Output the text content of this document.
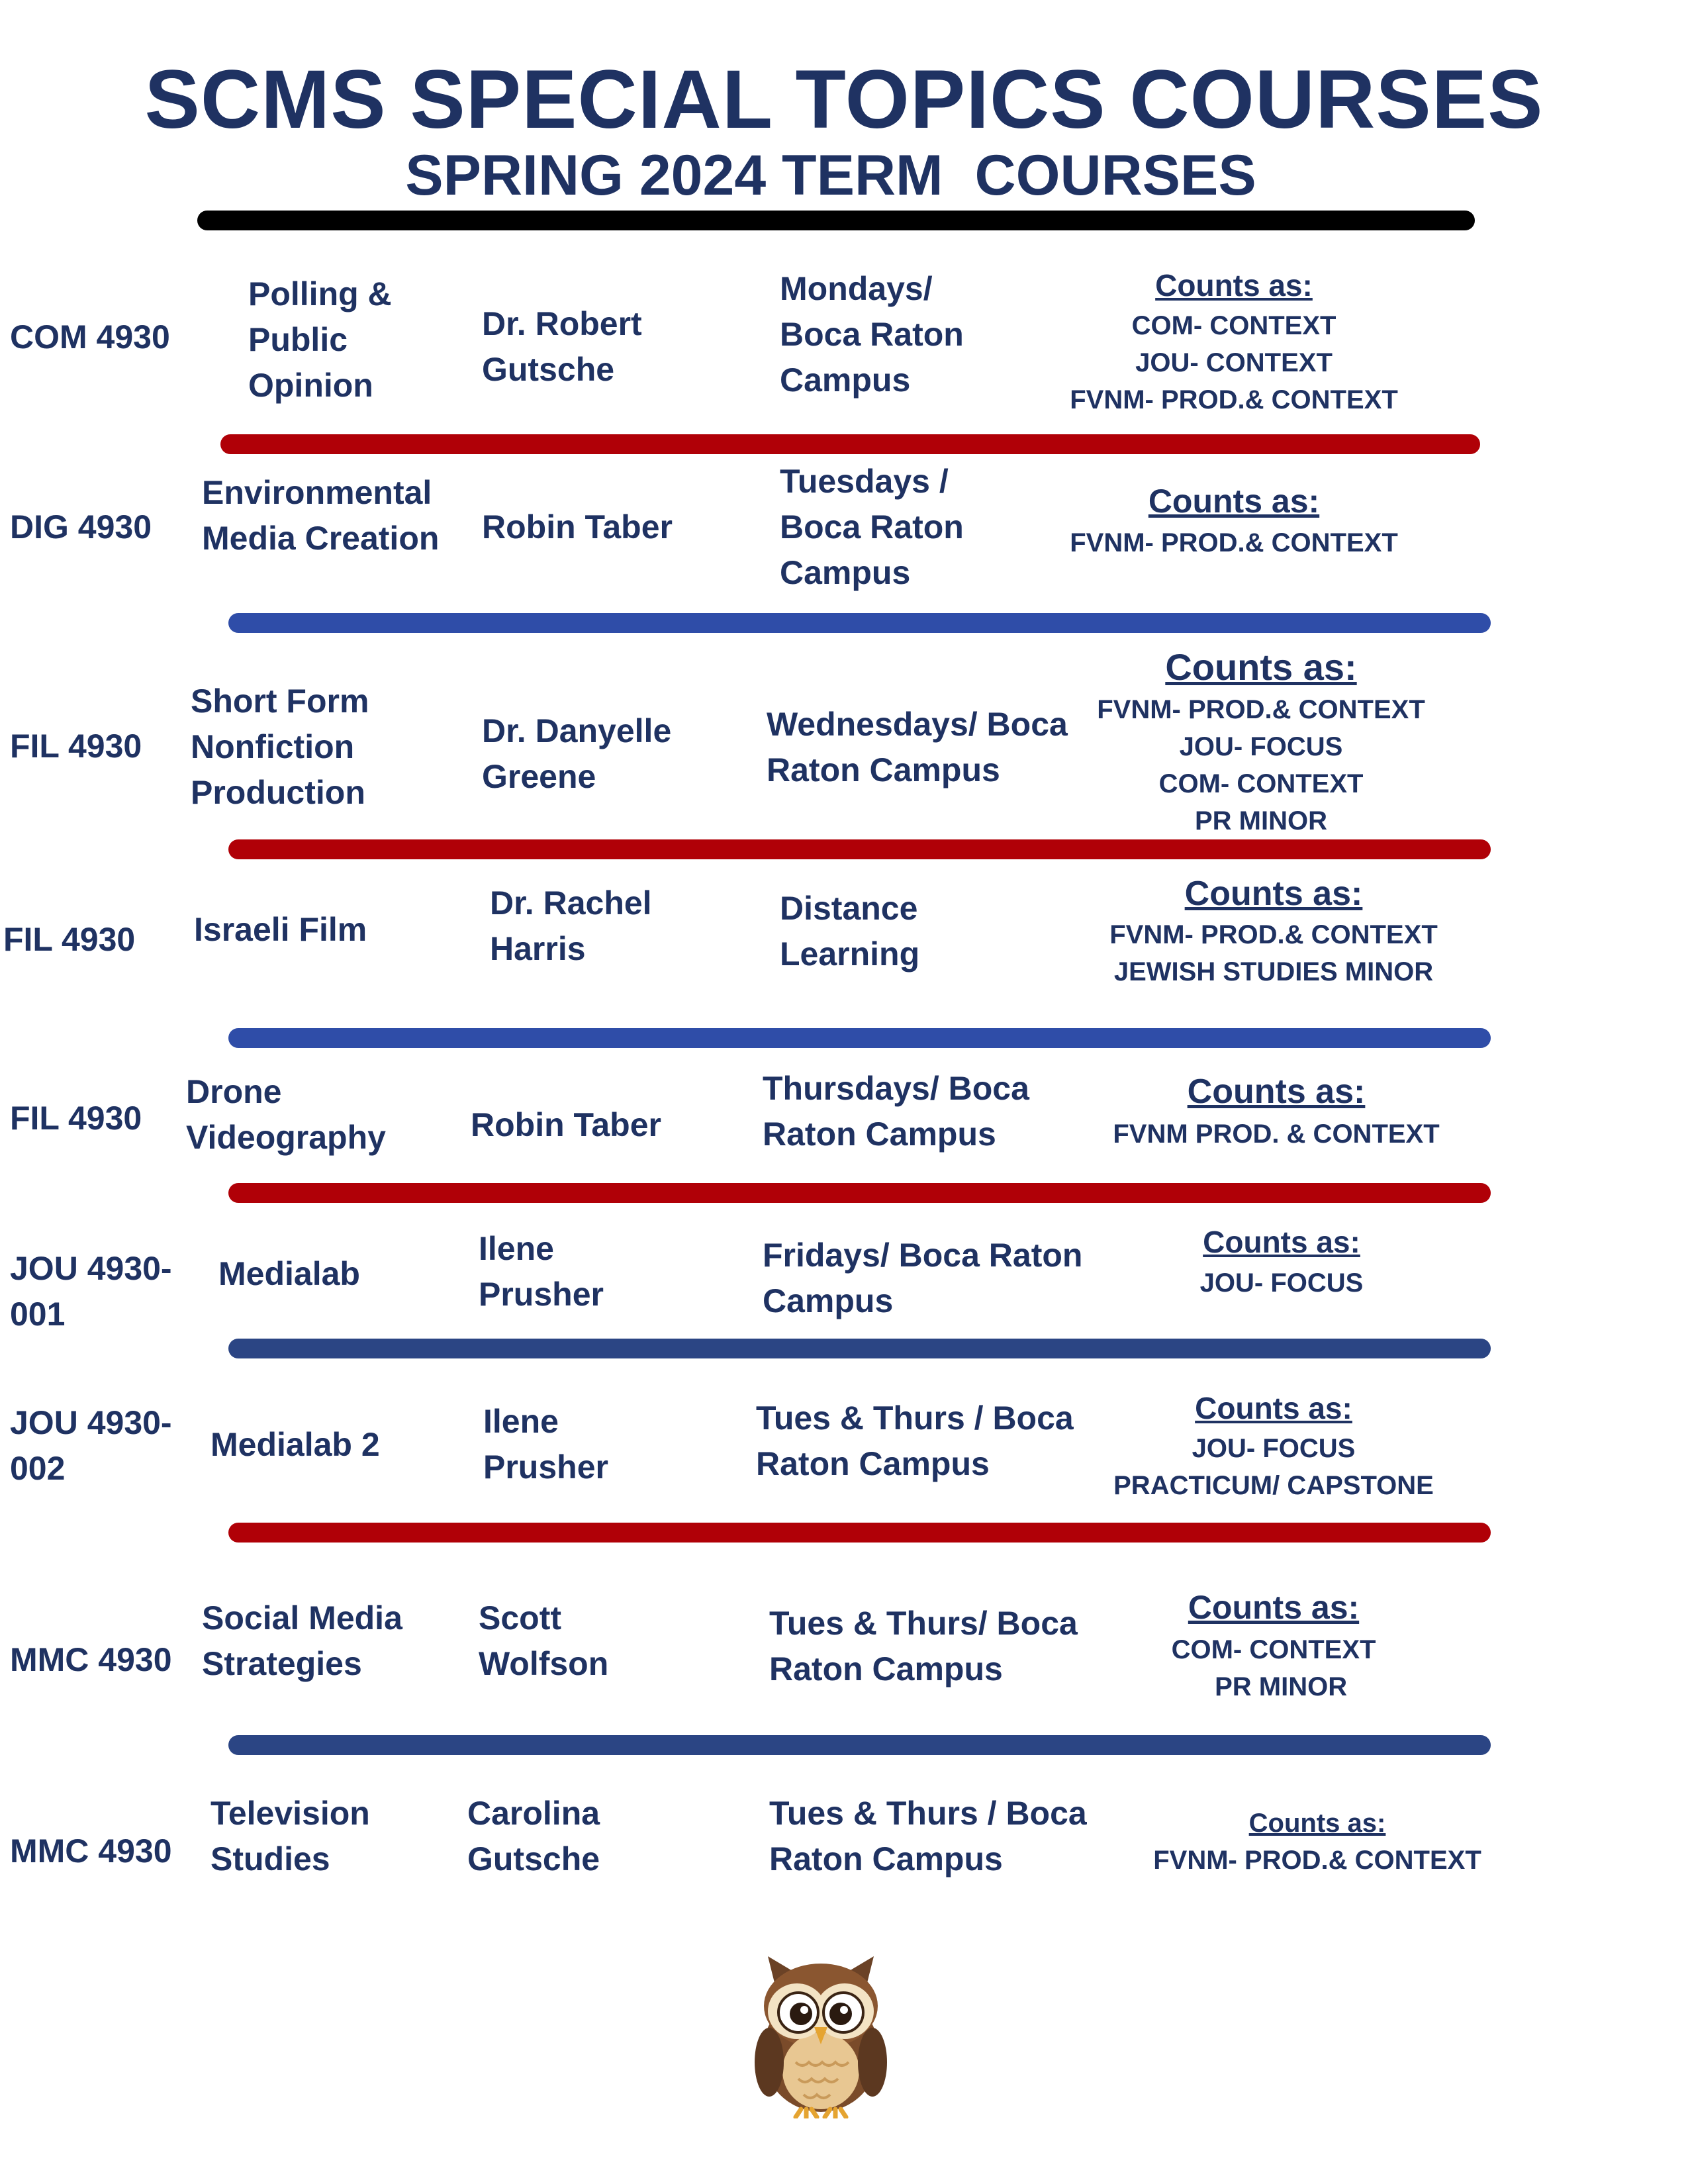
SCMS SPECIAL TOPICS COURSES
SPRING 2024 TERM  COURSES
COM 4930
Polling &
Public
Opinion
Dr. Robert
Gutsche
Mondays/
Boca Raton
Campus
Counts as:
COM- CONTEXT
JOU- CONTEXT
FVNM- PROD.& CONTEXT
DIG 4930
Environmental
Media Creation Robin Taber
Tuesdays /
Boca Raton
Campus
Counts as:
FVNM- PROD.& CONTEXT
FIL 4930
Short Form
Nonfiction
Production
Dr. Danyelle
Greene
Wednesdays/ Boca
Raton Campus
Counts as:
FVNM- PROD.& CONTEXT
JOU- FOCUS
COM- CONTEXT
PR MINOR
FIL 4930 Israeli Film
Dr. Rachel
Harris
Distance
Learning
Counts as:
FVNM- PROD.& CONTEXT
JEWISH STUDIES MINOR
FIL 4930
Drone
Videography	Robin Taber
Thursdays/ Boca
Raton Campus
Counts as:
FVNM PROD. & CONTEXT
JOU 4930-
001
Medialab
Ilene
Prusher
Fridays/ Boca Raton
Campus
Counts as:
JOU- FOCUS
JOU 4930-
002
Medialab 2
Ilene
Prusher
Tues & Thurs / Boca
Raton Campus
Counts as:
JOU- FOCUS
PRACTICUM/ CAPSTONE
MMC 4930
Social Media
Strategies
Scott
Wolfson
Tues & Thurs/ Boca
Raton Campus
Counts as:
COM- CONTEXT
PR MINOR
MMC 4930
Television
Studies
Carolina
Gutsche
Tues & Thurs / Boca
Raton Campus
Counts as:
FVNM- PROD.& CONTEXT
